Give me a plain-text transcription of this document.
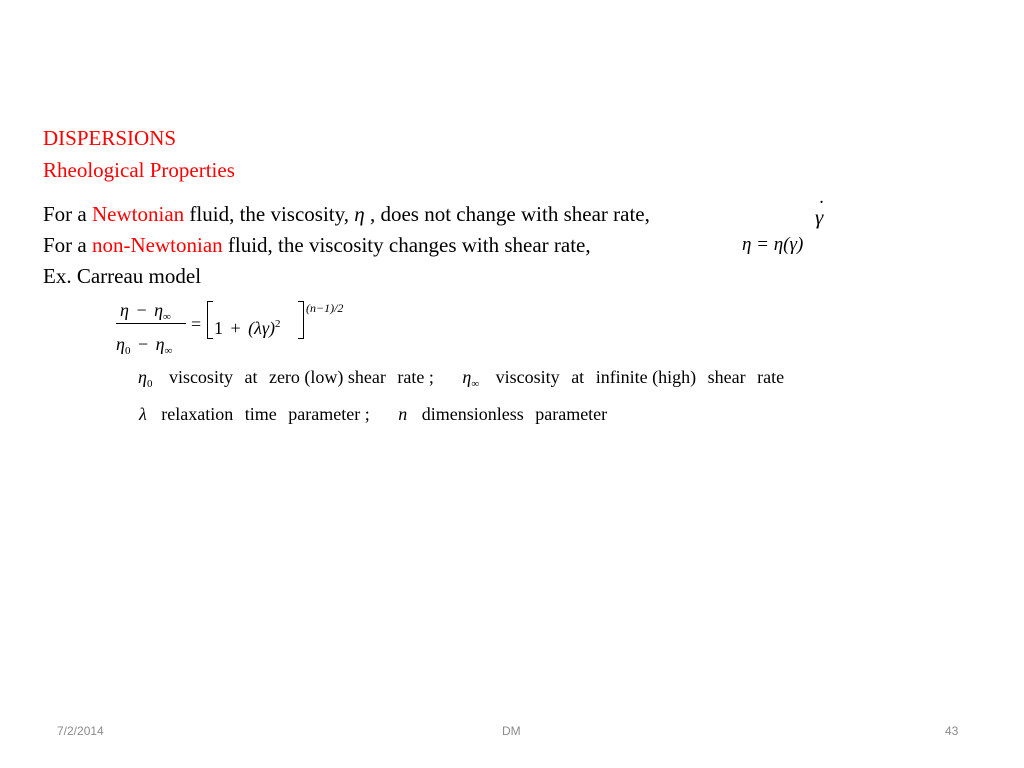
DISPERSIONS
Rheological Properties
For a Newtonian fluid, the viscosity, η , does not change with shear rate,
˙	γ
For a non-Newtonian fluid, the viscosity changes with shear rate,	η = η(γ)
Ex. Carreau model
$\eta - \eta_\infty$
$\eta_0 - \eta_\infty$
= $1 + (\lambda\gamma)^2$
(n−1)/2
$\eta_0$ viscosity at zero (low) shear rate ; $\eta_\infty$ viscosity at infinite (high) shear rate
λ relaxation time parameter ; n dimensionless parameter
7/2/2014	DM	43
